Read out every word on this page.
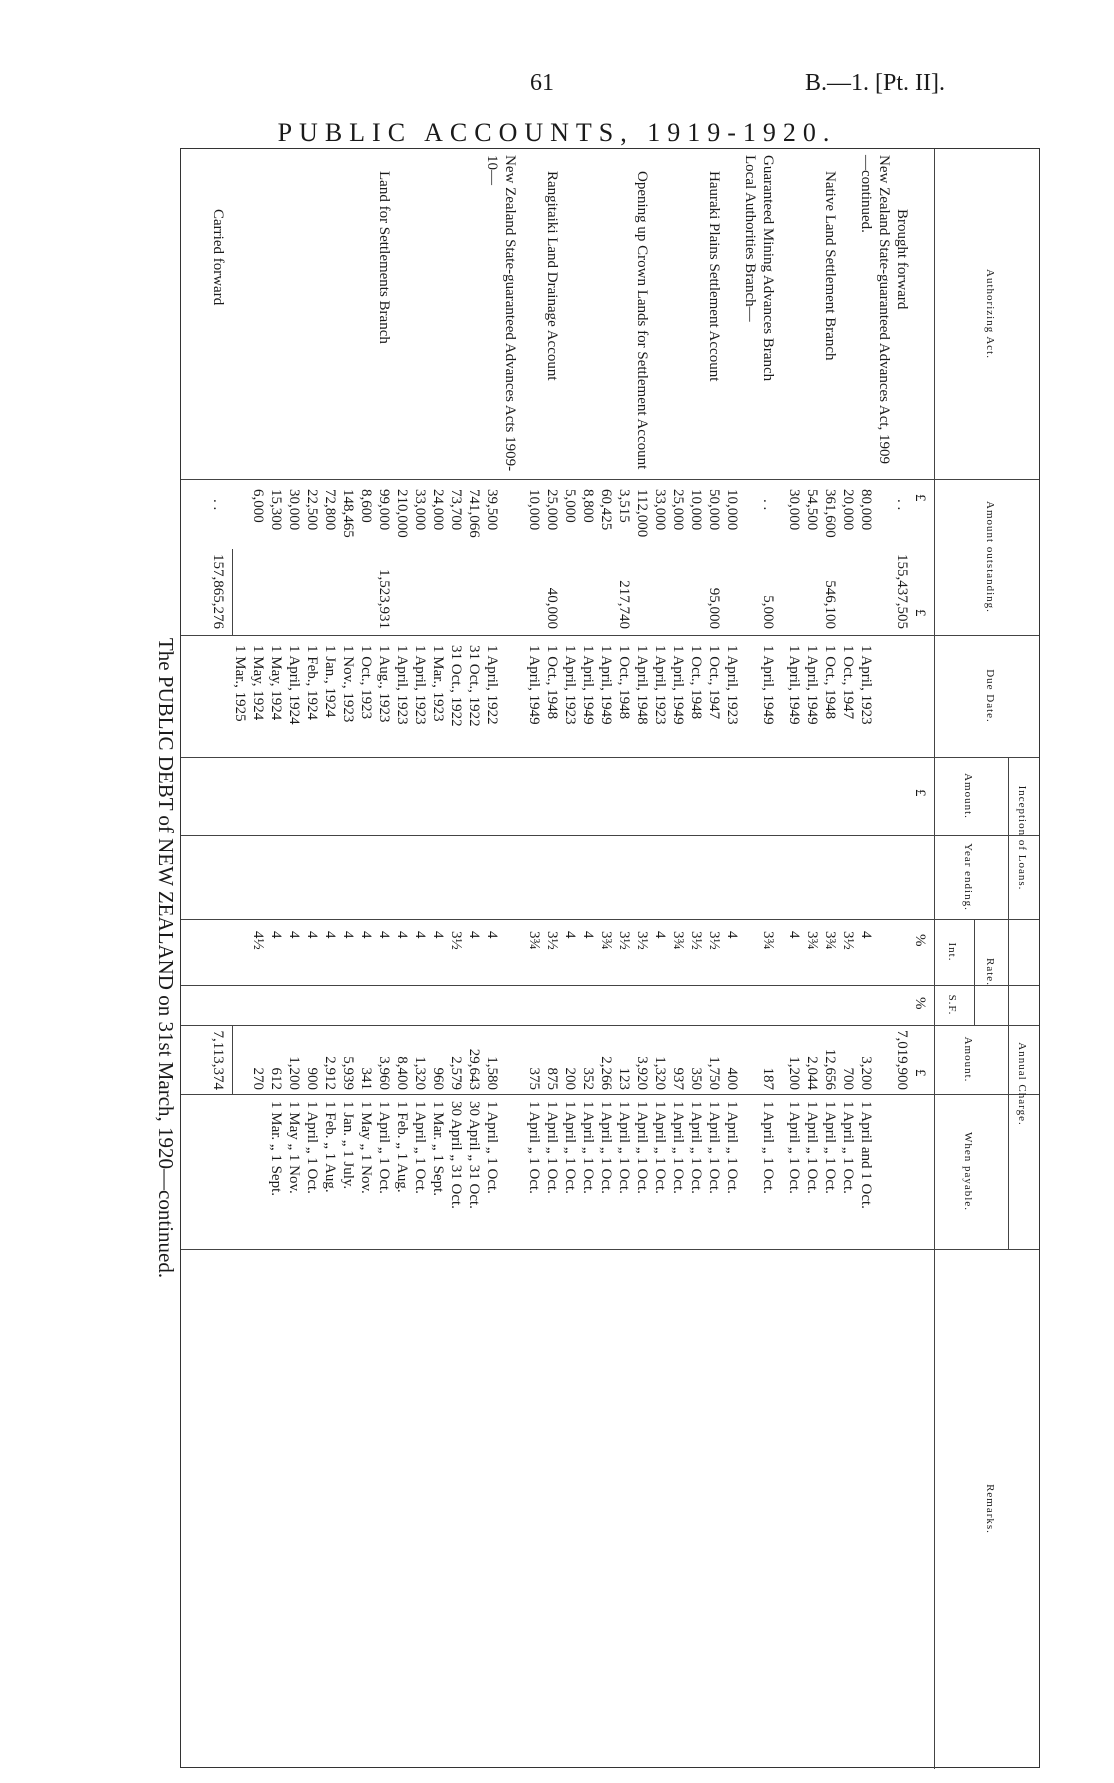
61	B.—1. [Pt. II].
PUBLIC ACCOUNTS, 1919-1920.
The PUBLIC DEBT of NEW ZEALAND on 31st March, 1920—continued.
Authorizing Act.
Amount outstanding.
Due Date.
Inception of Loans.
Amount.
Year ending.
Annual Charge.
Rate.
Int.
S.F.
Amount.
When payable.
Remarks.
£
£
£
%
%
£
Brought forward
. .
155,437,505
7,019,900
New Zealand State-guaranteed Advances Act, 1909—continued.
Native Land Settlement Branch
80,000
20,000
361,600
54,500
30,000
546,100
1 April, 1923
1 Oct., 1947
1 Oct., 1948
1 April, 1949
1 April, 1949
4
3½
3¾
3¾
4
3,200
700
12,656
2,044
1,200
1 April and 1 Oct.
1 April „ 1 Oct.
1 April „ 1 Oct.
1 April „ 1 Oct.
1 April „ 1 Oct.
Guaranteed Mining Advances Branch
. .
5,000
1 April, 1949
3¾
187
1 April „ 1 Oct.
Local Authorities Branch—
Hauraki Plains Settlement Account
10,000
50,000
10,000
25,000
95,000
1 April, 1923
1 Oct., 1947
1 Oct., 1948
1 April, 1949
4
3½
3½
3¾
400
1,750
350
937
1 April „ 1 Oct.
1 April „ 1 Oct.
1 April „ 1 Oct.
1 April „ 1 Oct.
Opening up Crown Lands for Settlement Account
33,000
112,000
3,515
60,425
8,800
217,740
1 April, 1923
1 April, 1948
1 Oct., 1948
1 April, 1949
1 April, 1949
4
3½
3½
3¾
4
1,320
3,920
123
2,266
352
1 April „ 1 Oct.
1 April „ 1 Oct.
1 April „ 1 Oct.
1 April „ 1 Oct.
1 April „ 1 Oct.
Rangitaiki Land Drainage Account
5,000
25,000
10,000
40,000
1 April, 1923
1 Oct., 1948
1 April, 1949
4
3½
3¾
200
875
375
1 April „ 1 Oct.
1 April „ 1 Oct.
1 April „ 1 Oct.
New Zealand State-guaranteed Advances Acts 1909-10—
Land for Settlements Branch
39,500
741,066
73,700
24,000
33,000
210,000
99,000
8,600
148,465
72,800
22,500
30,000
15,300
6,000
1,523,931
1 April, 1922
31 Oct., 1922
31 Oct., 1922
1 Mar., 1923
1 April, 1923
1 April, 1923
1 Aug., 1923
1 Oct., 1923
1 Nov., 1923
1 Jan., 1924
1 Feb., 1924
1 April, 1924
1 May, 1924
1 May, 1924
1 Mar., 1925
4
4
3½
4
4
4
4
4
4
4
4
4
4
4½
1,580
29,643
2,579
960
1,320
8,400
3,960
341
5,939
2,912
900
1,200
612
270
1 April „ 1 Oct.
30 April „ 31 Oct.
30 April „ 31 Oct.
1 Mar. „ 1 Sept.
1 April „ 1 Oct.
1 Feb. „ 1 Aug.
1 April „ 1 Oct.
1 May „ 1 Nov.
1 Jan. „ 1 July.
1 Feb. „ 1 Aug.
1 April „ 1 Oct.
1 May „ 1 Nov.
1 Mar. „ 1 Sept.
Carried forward
. .
157,865,276
7,113,374
